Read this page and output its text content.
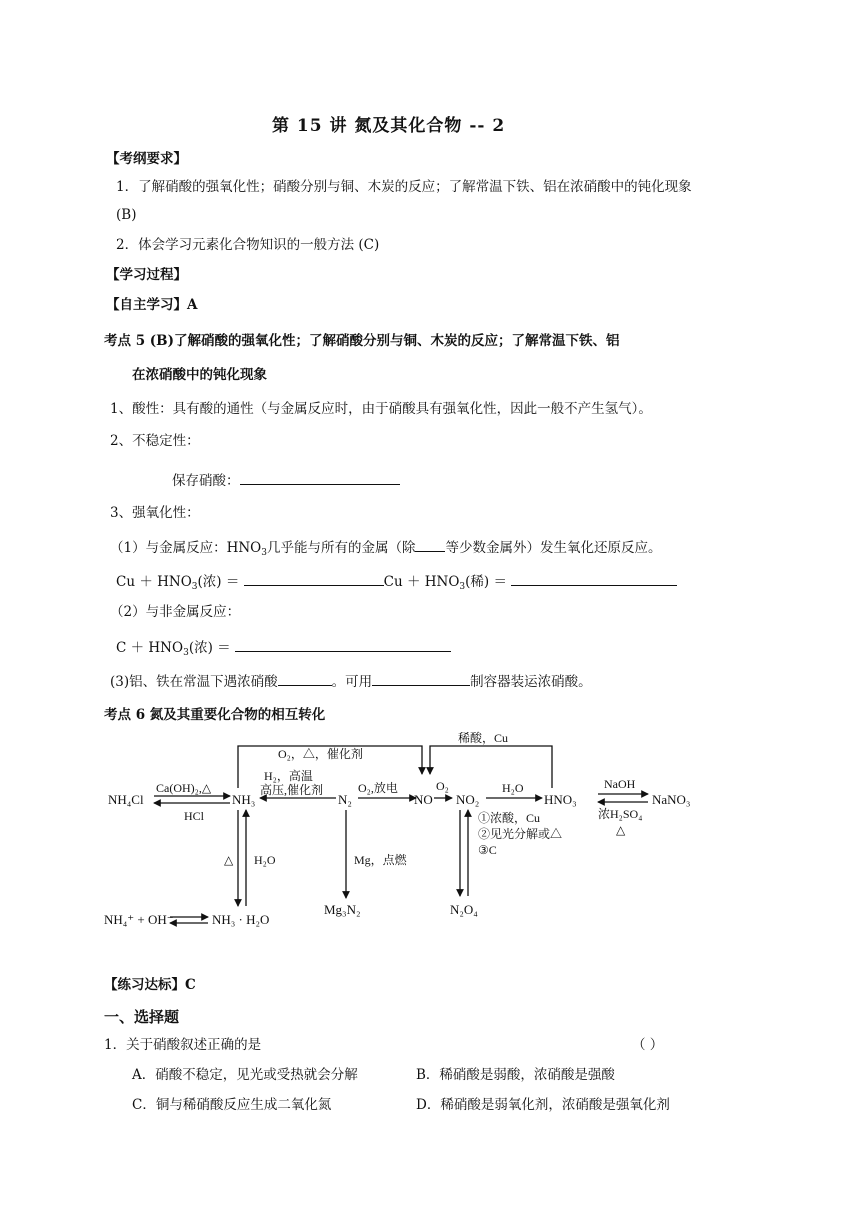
第 15 讲 氮及其化合物 -- 2
【考纲要求】
1．了解硝酸的强氧化性；硝酸分别与铜、木炭的反应；了解常温下铁、铝在浓硝酸中的钝化现象
(B)
2．体会学习元素化合物知识的一般方法 (C)
【学习过程】
【自主学习】A
考点 5 (B)了解硝酸的强氧化性；了解硝酸分别与铜、木炭的反应；了解常温下铁、铝
在浓硝酸中的钝化现象
1、酸性：具有酸的通性（与金属反应时，由于硝酸具有强氧化性，因此一般不产生氢气）。
2、不稳定性：
保存硝酸：
3、强氧化性：
（1）与金属反应：$HNO_3$几乎能与所有的金属（除 等少数金属外）发生氧化还原反应。
$Cu + HNO_3$(浓) ＝	$Cu + HNO_3$(稀) ＝
（2）与非金属反应：
$C + HNO_3$(浓) ＝
(3)铝、铁在常温下遇浓硝酸	。可用	制容器装运浓硝酸。
考点 6 氮及其重要化合物的相互转化
O₂，△，催化剂
稀酸，Cu
Ca(OH)₂,△
HCl
H₂，高温
高压,催化剂	O₂,放电	O₂	H₂O	NaOH
浓H₂SO₄
△
①浓酸，Cu
②见光分解或△
③C
△ H₂O	Mg，点燃
NH₄Cl	NH₃	N₂	NO NO₂	HNO₃	NaNO₃
Mg₃N₂	N₂O₄
NH₄⁺ + OH⁻	NH₃ · H₂O
【练习达标】C
一、选择题
1．关于硝酸叙述正确的是	（ ）
A．硝酸不稳定，见光或受热就会分解	B．稀硝酸是弱酸，浓硝酸是强酸
C．铜与稀硝酸反应生成二氧化氮	D．稀硝酸是弱氧化剂，浓硝酸是强氧化剂
